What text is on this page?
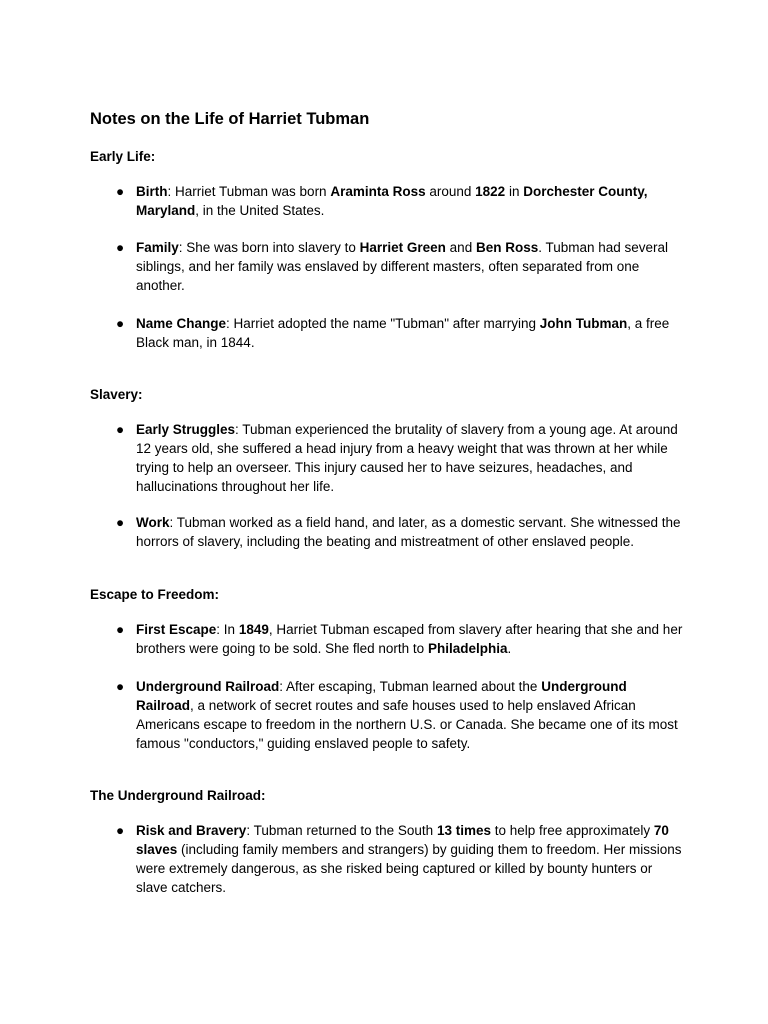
Notes on the Life of Harriet Tubman
Early Life:
● Birth: Harriet Tubman was born Araminta Ross around 1822 in Dorchester County, Maryland, in the United States.

● Family: She was born into slavery to Harriet Green and Ben Ross. Tubman had several siblings, and her family was enslaved by different masters, often separated from one another.

● Name Change: Harriet adopted the name "Tubman" after marrying John Tubman, a free Black man, in 1844.

Slavery:
● Early Struggles: Tubman experienced the brutality of slavery from a young age. At around 12 years old, she suffered a head injury from a heavy weight that was thrown at her while trying to help an overseer. This injury caused her to have seizures, headaches, and hallucinations throughout her life.

● Work: Tubman worked as a field hand, and later, as a domestic servant. She witnessed the horrors of slavery, including the beating and mistreatment of other enslaved people.

Escape to Freedom:
● First Escape: In 1849, Harriet Tubman escaped from slavery after hearing that she and her brothers were going to be sold. She fled north to Philadelphia.

● Underground Railroad: After escaping, Tubman learned about the Underground Railroad, a network of secret routes and safe houses used to help enslaved African Americans escape to freedom in the northern U.S. or Canada. She became one of its most famous "conductors," guiding enslaved people to safety.

The Underground Railroad:
● Risk and Bravery: Tubman returned to the South 13 times to help free approximately 70 slaves (including family members and strangers) by guiding them to freedom. Her missions were extremely dangerous, as she risked being captured or killed by bounty hunters or slave catchers.
